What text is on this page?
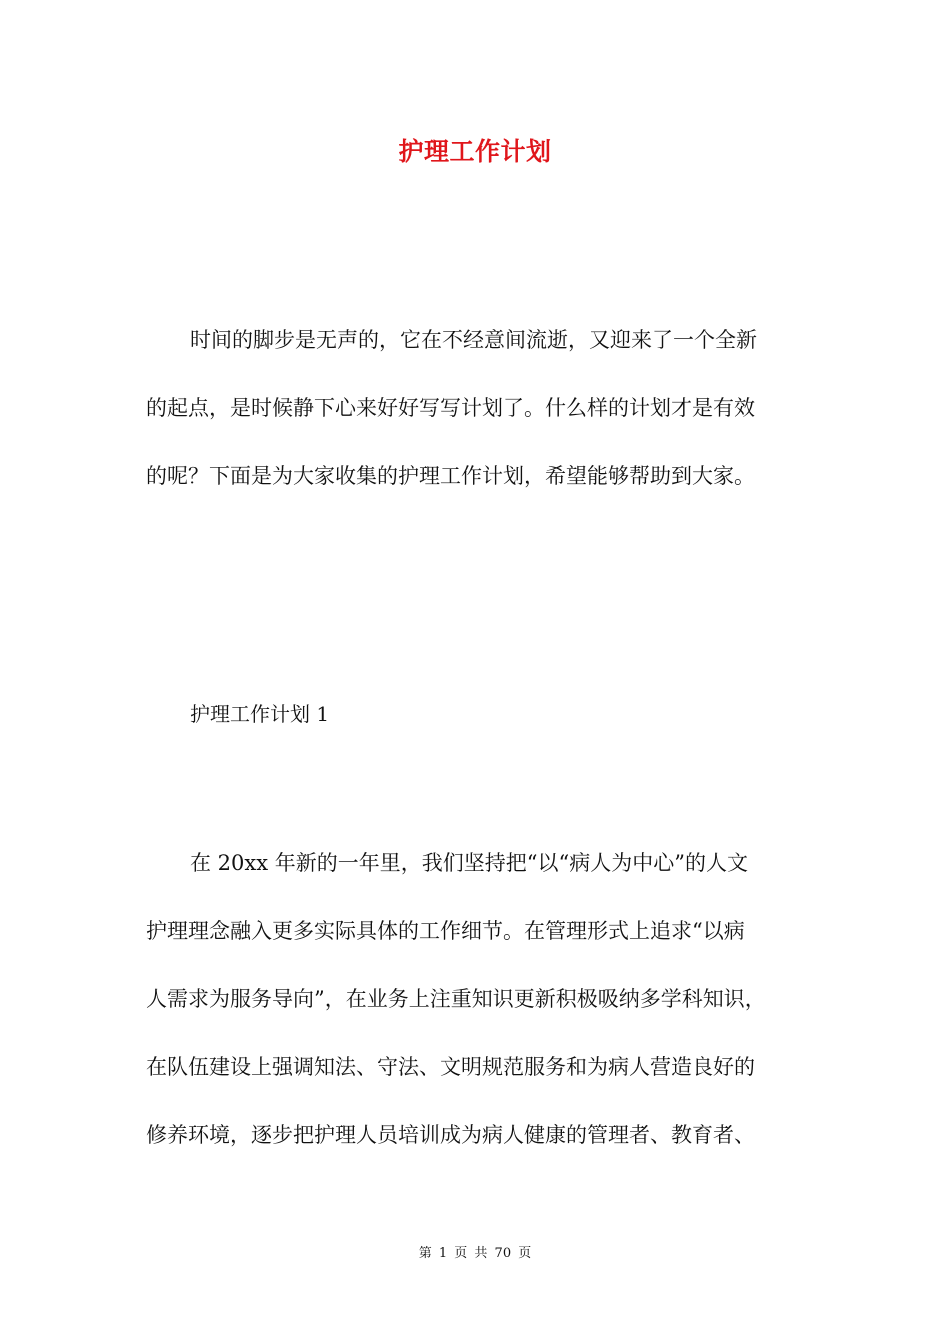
护理工作计划
时间的脚步是无声的，它在不经意间流逝，又迎来了一个全新
的起点，是时候静下心来好好写写计划了。什么样的计划才是有效
的呢？下面是为大家收集的护理工作计划，希望能够帮助到大家。
护理工作计划 1
在 20xx 年新的一年里，我们坚持把“以“病人为中心”的人文
护理理念融入更多实际具体的工作细节。在管理形式上追求“以病
人需求为服务导向”，在业务上注重知识更新积极吸纳多学科知识，
在队伍建设上强调知法、守法、文明规范服务和为病人营造良好的
修养环境，逐步把护理人员培训成为病人健康的管理者、教育者、
第 1 页 共 70 页
